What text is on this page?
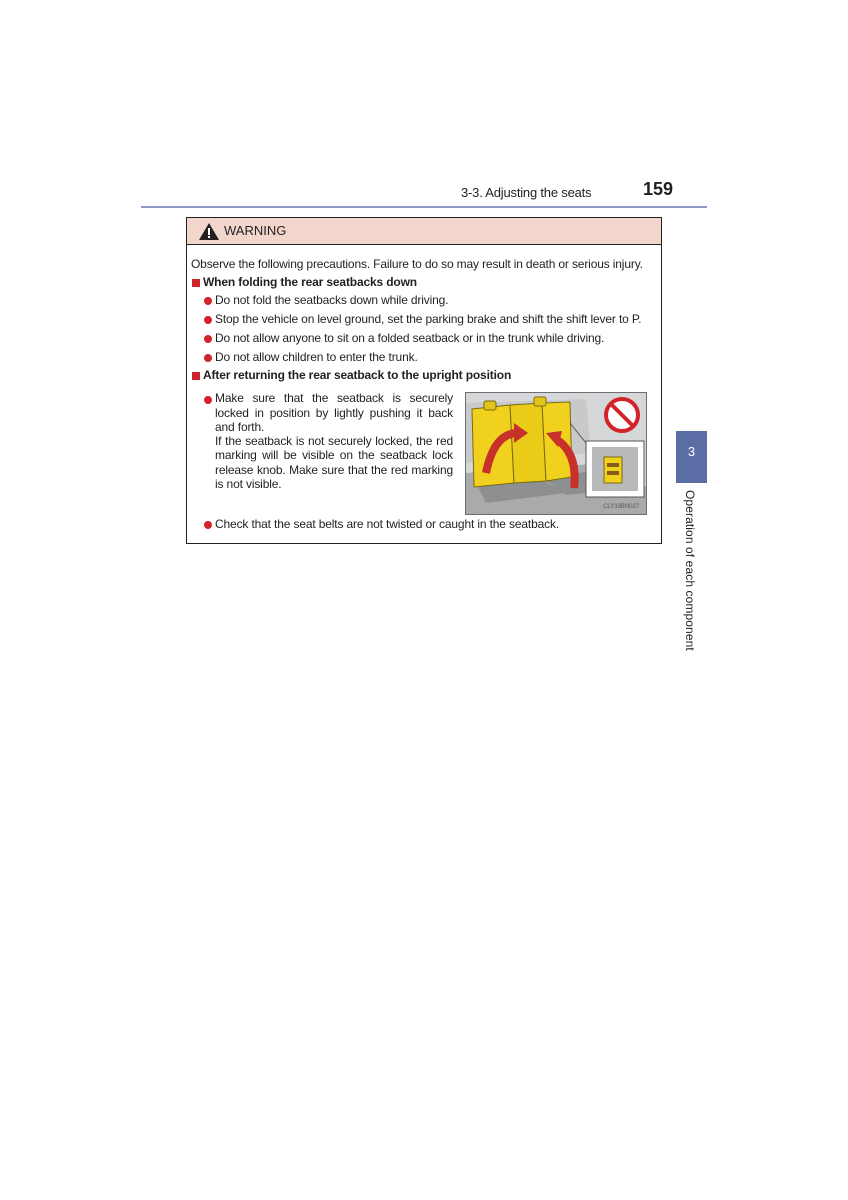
3-3. Adjusting the seats	159
3
Operation of each component
WARNING
Observe the following precautions. Failure to do so may result in death or serious injury.
When folding the rear seatbacks down
Do not fold the seatbacks down while driving.
Stop the vehicle on level ground, set the parking brake and shift the shift lever to P.
Do not allow anyone to sit on a folded seatback or in the trunk while driving.
Do not allow children to enter the trunk.
After returning the rear seatback to the upright position
Make sure that the seatback is securely
locked in position by lightly pushing it back
and forth.
If the seatback is not securely locked, the red
marking will be visible on the seatback lock
release knob. Make sure that the red marking
is not visible.
Check that the seat belts are not twisted or caught in the seatback.
CLY33BN027
